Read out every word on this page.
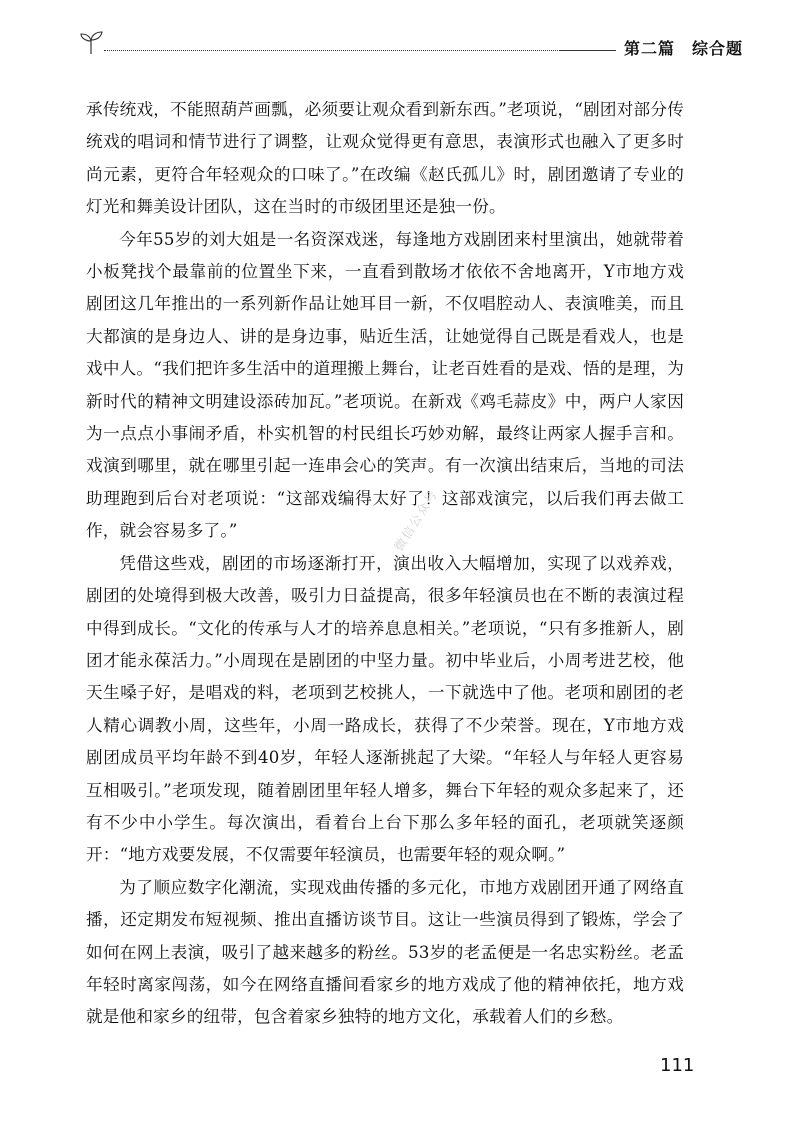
第二篇　综合题

承传统戏，不能照葫芦画瓢，必须要让观众看到新东西。”老项说，“剧团对部分传统戏的唱词和情节进行了调整，让观众觉得更有意思，表演形式也融入了更多时尚元素，更符合年轻观众的口味了。”在改编《赵氏孤儿》时，剧团邀请了专业的灯光和舞美设计团队，这在当时的市级团里还是独一份。

今年55岁的刘大姐是一名资深戏迷，每逢地方戏剧团来村里演出，她就带着小板凳找个最靠前的位置坐下来，一直看到散场才依依不舍地离开，Y市地方戏剧团这几年推出的一系列新作品让她耳目一新，不仅唱腔动人、表演唯美，而且大都演的是身边人、讲的是身边事，贴近生活，让她觉得自己既是看戏人，也是戏中人。“我们把许多生活中的道理搬上舞台，让老百姓看的是戏、悟的是理，为新时代的精神文明建设添砖加瓦。”老项说。在新戏《鸡毛蒜皮》中，两户人家因为一点点小事闹矛盾，朴实机智的村民组长巧妙劝解，最终让两家人握手言和。戏演到哪里，就在哪里引起一连串会心的笑声。有一次演出结束后，当地的司法助理跑到后台对老项说：“这部戏编得太好了！这部戏演完，以后我们再去做工作，就会容易多了。”

凭借这些戏，剧团的市场逐渐打开，演出收入大幅增加，实现了以戏养戏，剧团的处境得到极大改善，吸引力日益提高，很多年轻演员也在不断的表演过程中得到成长。“文化的传承与人才的培养息息相关。”老项说，“只有多推新人，剧团才能永葆活力。”小周现在是剧团的中坚力量。初中毕业后，小周考进艺校，他天生嗓子好，是唱戏的料，老项到艺校挑人，一下就选中了他。老项和剧团的老人精心调教小周，这些年，小周一路成长，获得了不少荣誉。现在，Y市地方戏剧团成员平均年龄不到40岁，年轻人逐渐挑起了大梁。“年轻人与年轻人更容易互相吸引。”老项发现，随着剧团里年轻人增多，舞台下年轻的观众多起来了，还有不少中小学生。每次演出，看着台上台下那么多年轻的面孔，老项就笑逐颜开：“地方戏要发展，不仅需要年轻演员，也需要年轻的观众啊。”

为了顺应数字化潮流，实现戏曲传播的多元化，市地方戏剧团开通了网络直播，还定期发布短视频、推出直播访谈节目。这让一些演员得到了锻炼，学会了如何在网上表演，吸引了越来越多的粉丝。53岁的老孟便是一名忠实粉丝。老孟年轻时离家闯荡，如今在网络直播间看家乡的地方戏成了他的精神依托，地方戏就是他和家乡的纽带，包含着家乡独特的地方文化，承载着人们的乡愁。

微信公众号
111
